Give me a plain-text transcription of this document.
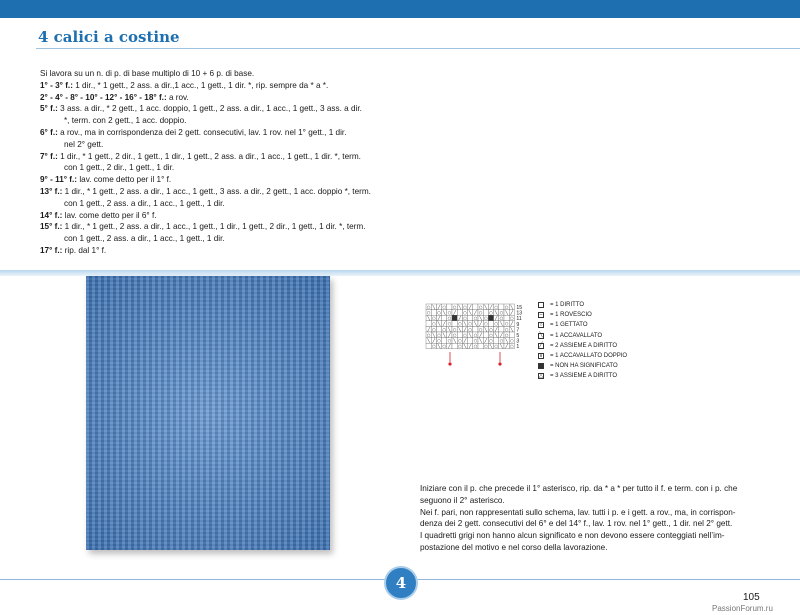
4 calici a costine

Si lavora su un n. di p. di base multiplo di 10 + 6 p. di base.

1° - 3° f.: 1 dir., * 1 gett., 2 ass. a dir.,1 acc., 1 gett., 1 dir. *, rip. sempre da * a *.

2° - 4° - 8° - 10° - 12° - 16° - 18° f.: a rov.

5° f.: 3 ass. a dir., * 2 gett., 1 acc. doppio, 1 gett., 2 ass. a dir., 1 acc., 1 gett., 3 ass. a dir.

*, term. con 2 gett., 1 acc. doppio.

6° f.: a rov., ma in corrispondenza dei 2 gett. consecutivi, lav. 1 rov. nel 1° gett., 1 dir.

nel 2° gett.

7° f.: 1 dir., * 1 gett., 2 dir., 1 gett., 1 dir., 1 gett., 2 ass. a dir., 1 acc., 1 gett., 1 dir. *, term.

con 1 gett., 2 dir., 1 gett., 1 dir.

9° - 11° f.: lav. come detto per il 1° f.

13° f.: 1 dir., * 1 gett., 2 ass. a dir., 1 acc., 1 gett., 3 ass. a dir., 2 gett., 1 acc. doppio *, term.

con 1 gett., 2 ass. a dir., 1 acc., 1 gett., 1 dir.

14° f.: lav. come detto per il 6° f.

15° f.: 1 dir., * 1 gett., 2 ass. a dir., 1 acc., 1 gett., 1 dir., 1 gett., 2 dir., 1 gett., 1 dir. *, term.

con 1 gett., 2 ass. a dir., 1 acc., 1 gett., 1 dir.

17° f.: rip. dal 1° f.

○ ╲ ╱ ○ ○ ╲ ○ ╱ ○ ╲ ╱ ○ ○ ╲
○ ○ ╲ ○ ╱ ○ ╲ ╱ ○ ○ ╲ ○ ╲ ╱
╲ ○ ╱ ○ ╱ ○ ○ ╲ ○ ╱ ○ ○
○ ╲ ╱ ○ ○ ╲ ○ ╲ ╱ ○ ○ ╲ ○ ╱
╱ ○ ○ ╲ ○ ╲ ╱ ○ ○ ╲ ○ ╱ ○ ╲
○ ╲ ○ ╲ ╱ ○ ○ ╲ ○ ╱ ○ ╲ ╱ ○
╲ ╱ ○ ○ ╲ ○ ╱ ○ ╲ ╱ ○ ○ ╲ ○
○ ╲ ○ ╱ ○ ╲ ╱ ○ ○ ╲ ○ ╲ ╱ ○
15
13
11
9
7
5
3
1
= 1 DIRITTO
– = 1 ROVESCIO
○ = 1 GETTATO
╲ = 1 ACCAVALLATO
╱ = 2 ASSIEME A DIRITTO
∧ = 1 ACCAVALLATO DOPPIO
= NON HA SIGNIFICATO
△ = 3 ASSIEME A DIRITTO

Iniziare con il p. che precede il 1° asterisco, rip. da * a * per tutto il f. e term. con i p. che

seguono il 2° asterisco.

Nei f. pari, non rappresentati sullo schema, lav. tutti i p. e i gett. a rov., ma, in corrispon-

denza dei 2 gett. consecutivi del 6° e del 14° f., lav. 1 rov. nel 1° gett., 1 dir. nel 2° gett.

I quadretti grigi non hanno alcun significato e non devono essere conteggiati nell’im-

postazione del motivo e nel corso della lavorazione.

4
105
PassionForum.ru
